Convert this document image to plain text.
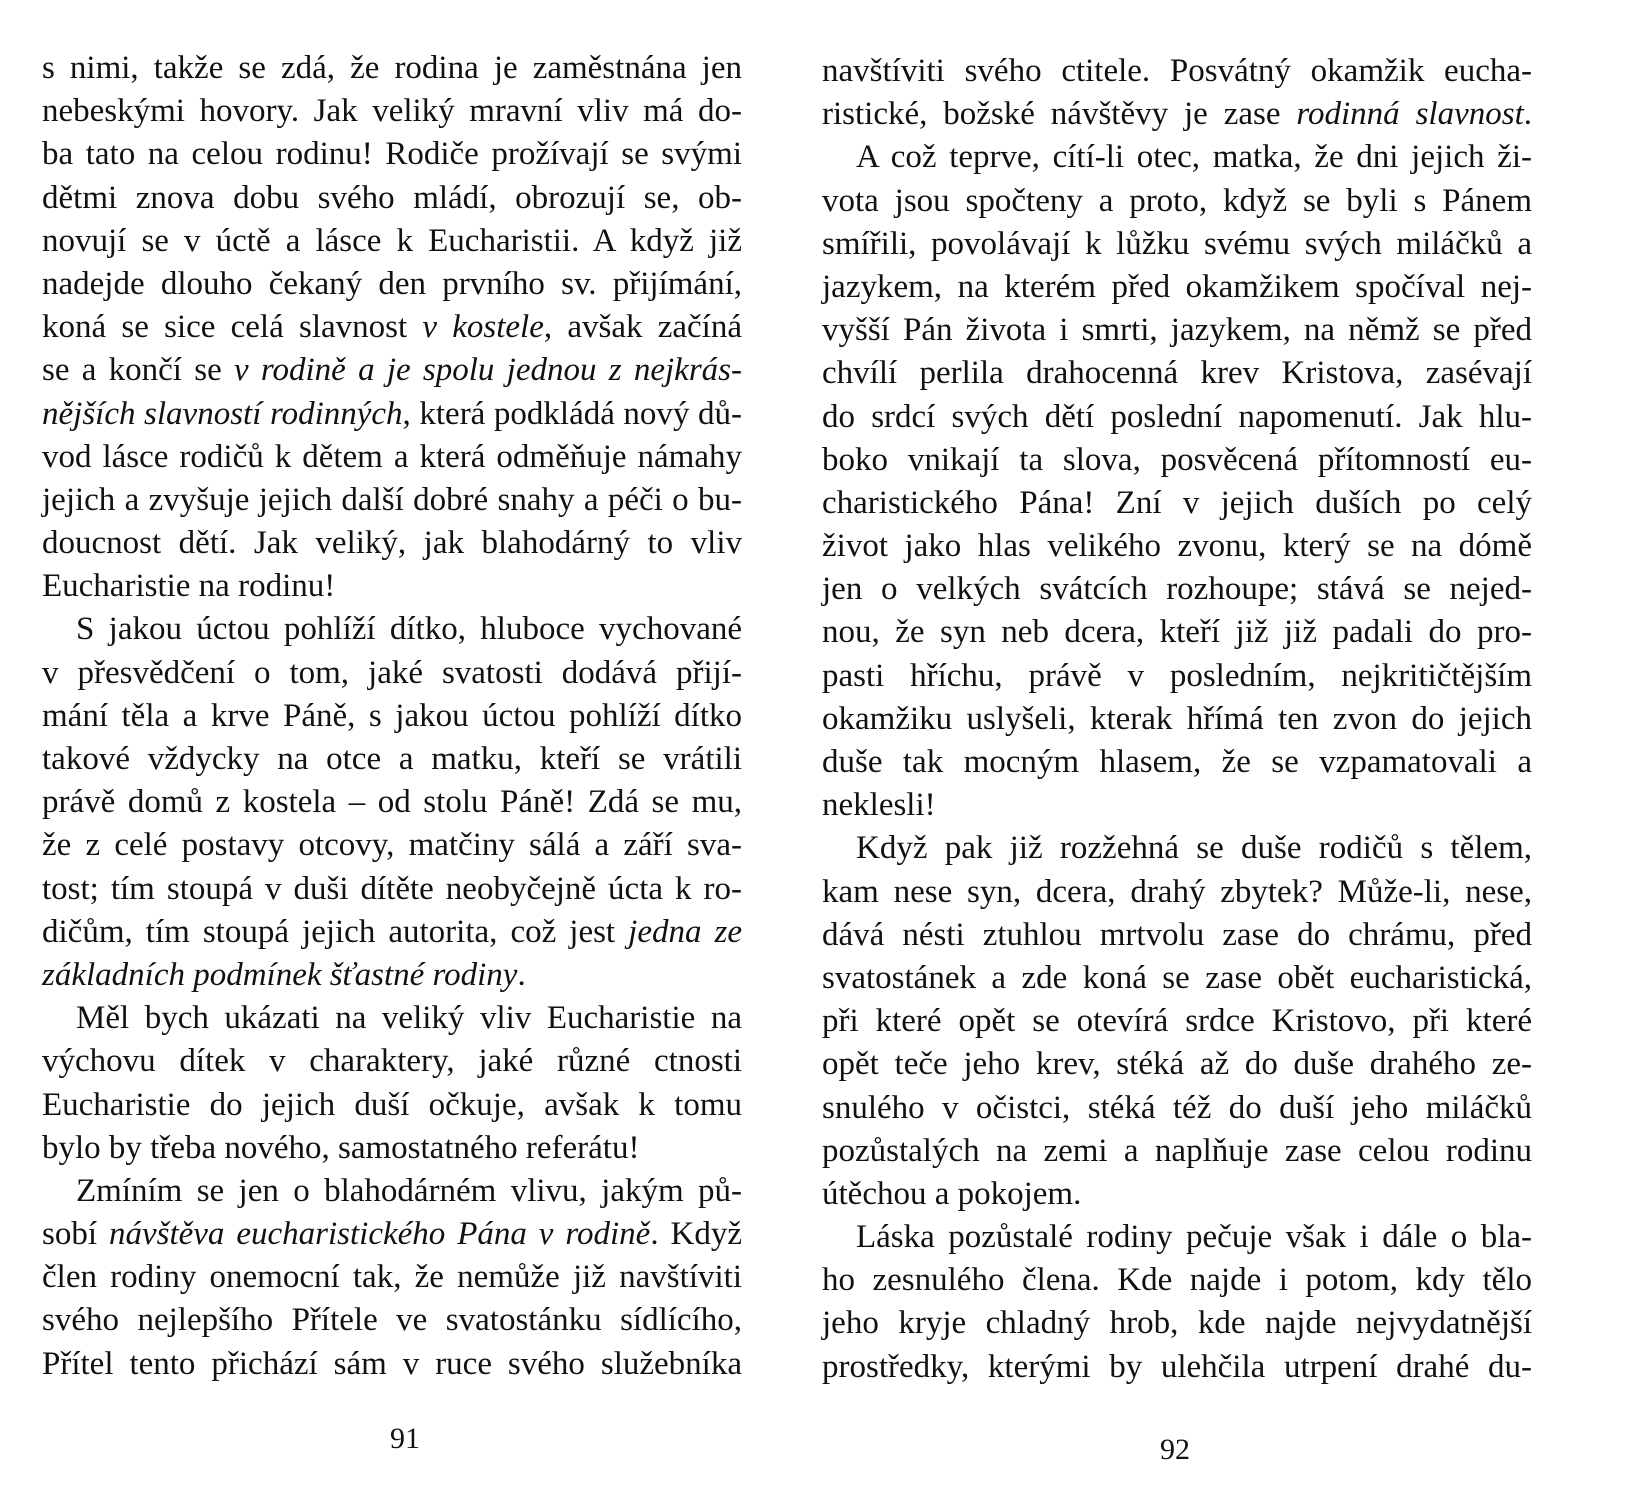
s nimi, takže se zdá, že rodina je zaměstnána jen
nebeskými hovory. Jak veliký mravní vliv má do-
ba tato na celou rodinu! Rodiče prožívají se svými
dětmi znova dobu svého mládí, obrozují se, ob-
novují se v úctě a lásce k Eucharistii. A když již
nadejde dlouho čekaný den prvního sv. přijímání,
koná se sice celá slavnost v kostele, avšak začíná
se a končí se v rodině a je spolu jednou z nejkrás-
nějších slavností rodinných, která podkládá nový dů-
vod lásce rodičů k dětem a která odměňuje námahy
jejich a zvyšuje jejich další dobré snahy a péči o bu-
doucnost dětí. Jak veliký, jak blahodárný to vliv
Eucharistie na rodinu!
S jakou úctou pohlíží dítko, hluboce vychované
v přesvědčení o tom, jaké svatosti dodává přijí-
mání těla a krve Páně, s jakou úctou pohlíží dítko
takové vždycky na otce a matku, kteří se vrátili
právě domů z kostela – od stolu Páně! Zdá se mu,
že z celé postavy otcovy, matčiny sálá a září sva-
tost; tím stoupá v duši dítěte neobyčejně úcta k ro-
dičům, tím stoupá jejich autorita, což jest jedna ze
základních podmínek šťastné rodiny.
Měl bych ukázati na veliký vliv Eucharistie na
výchovu dítek v charaktery, jaké různé ctnosti
Eucharistie do jejich duší očkuje, avšak k tomu
bylo by třeba nového, samostatného referátu!
Zmíním se jen o blahodárném vlivu, jakým pů-
sobí návštěva eucharistického Pána v rodině. Když
člen rodiny onemocní tak, že nemůže již navštíviti
svého nejlepšího Přítele ve svatostánku sídlícího,
Přítel tento přichází sám v ruce svého služebníka
91
navštíviti svého ctitele. Posvátný okamžik eucha-
ristické, božské návštěvy je zase rodinná slavnost.
A což teprve, cítí-li otec, matka, že dni jejich ži-
vota jsou spočteny a proto, když se byli s Pánem
smířili, povolávají k lůžku svému svých miláčků a
jazykem, na kterém před okamžikem spočíval nej-
vyšší Pán života i smrti, jazykem, na němž se před
chvílí perlila drahocenná krev Kristova, zasévají
do srdcí svých dětí poslední napomenutí. Jak hlu-
boko vnikají ta slova, posvěcená přítomností eu-
charistického Pána! Zní v jejich duších po celý
život jako hlas velikého zvonu, který se na dómě
jen o velkých svátcích rozhoupe; stává se nejed-
nou, že syn neb dcera, kteří již již padali do pro-
pasti hříchu, právě v posledním, nejkritičtějším
okamžiku uslyšeli, kterak hřímá ten zvon do jejich
duše tak mocným hlasem, že se vzpamatovali a
neklesli!
Když pak již rozžehná se duše rodičů s tělem,
kam nese syn, dcera, drahý zbytek? Může-li, nese,
dává nésti ztuhlou mrtvolu zase do chrámu, před
svatostánek a zde koná se zase obět eucharistická,
při které opět se otevírá srdce Kristovo, při které
opět teče jeho krev, stéká až do duše drahého ze-
snulého v očistci, stéká též do duší jeho miláčků
pozůstalých na zemi a naplňuje zase celou rodinu
útěchou a pokojem.
Láska pozůstalé rodiny pečuje však i dále o bla-
ho zesnulého člena. Kde najde i potom, kdy tělo
jeho kryje chladný hrob, kde najde nejvydatnější
prostředky, kterými by ulehčila utrpení drahé du-
92
